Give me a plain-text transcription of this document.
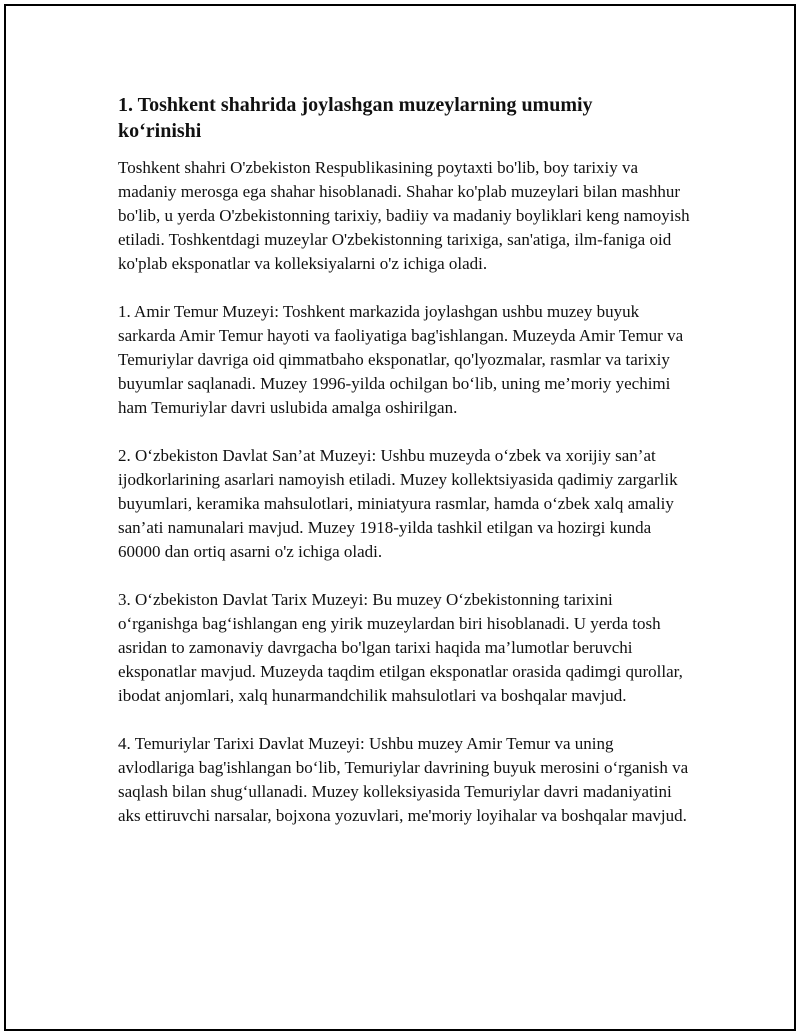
1. Toshkent shahrida joylashgan muzeylarning umumiy ko‘rinishi

Toshkent shahri O'zbekiston Respublikasining poytaxti bo'lib, boy tarixiy va madaniy merosga ega shahar hisoblanadi. Shahar ko'plab muzeylari bilan mashhur bo'lib, u yerda O'zbekistonning tarixiy, badiiy va madaniy boyliklari keng namoyish etiladi. Toshkentdagi muzeylar O'zbekistonning tarixiga, san'atiga, ilm-faniga oid ko'plab eksponatlar va kolleksiyalarni o'z ichiga oladi.

1. Amir Temur Muzeyi: Toshkent markazida joylashgan ushbu muzey buyuk sarkarda Amir Temur hayoti va faoliyatiga bag'ishlangan. Muzeyda Amir Temur va Temuriylar davriga oid qimmatbaho eksponatlar, qo'lyozmalar, rasmlar va tarixiy buyumlar saqlanadi. Muzey 1996-yilda ochilgan bo‘lib, uning me’moriy yechimi ham Temuriylar davri uslubida amalga oshirilgan.

2. O‘zbekiston Davlat San’at Muzeyi: Ushbu muzeyda o‘zbek va xorijiy san’at ijodkorlarining asarlari namoyish etiladi. Muzey kollektsiyasida qadimiy zargarlik buyumlari, keramika mahsulotlari, miniatyura rasmlar, hamda o‘zbek xalq amaliy san’ati namunalari mavjud. Muzey 1918-yilda tashkil etilgan va hozirgi kunda 60000 dan ortiq asarni o'z ichiga oladi.

3. O‘zbekiston Davlat Tarix Muzeyi: Bu muzey O‘zbekistonning tarixini o‘rganishga bag‘ishlangan eng yirik muzeylardan biri hisoblanadi. U yerda tosh asridan to zamonaviy davrgacha bo'lgan tarixi haqida ma’lumotlar beruvchi eksponatlar mavjud. Muzeyda taqdim etilgan eksponatlar orasida qadimgi qurollar, ibodat anjomlari, xalq hunarmandchilik mahsulotlari va boshqalar mavjud.

4. Temuriylar Tarixi Davlat Muzeyi: Ushbu muzey Amir Temur va uning avlodlariga bag'ishlangan bo‘lib, Temuriylar davrining buyuk merosini o‘rganish va saqlash bilan shug‘ullanadi. Muzey kolleksiyasida Temuriylar davri madaniyatini aks ettiruvchi narsalar, bojxona yozuvlari, me'moriy loyihalar va boshqalar mavjud.
